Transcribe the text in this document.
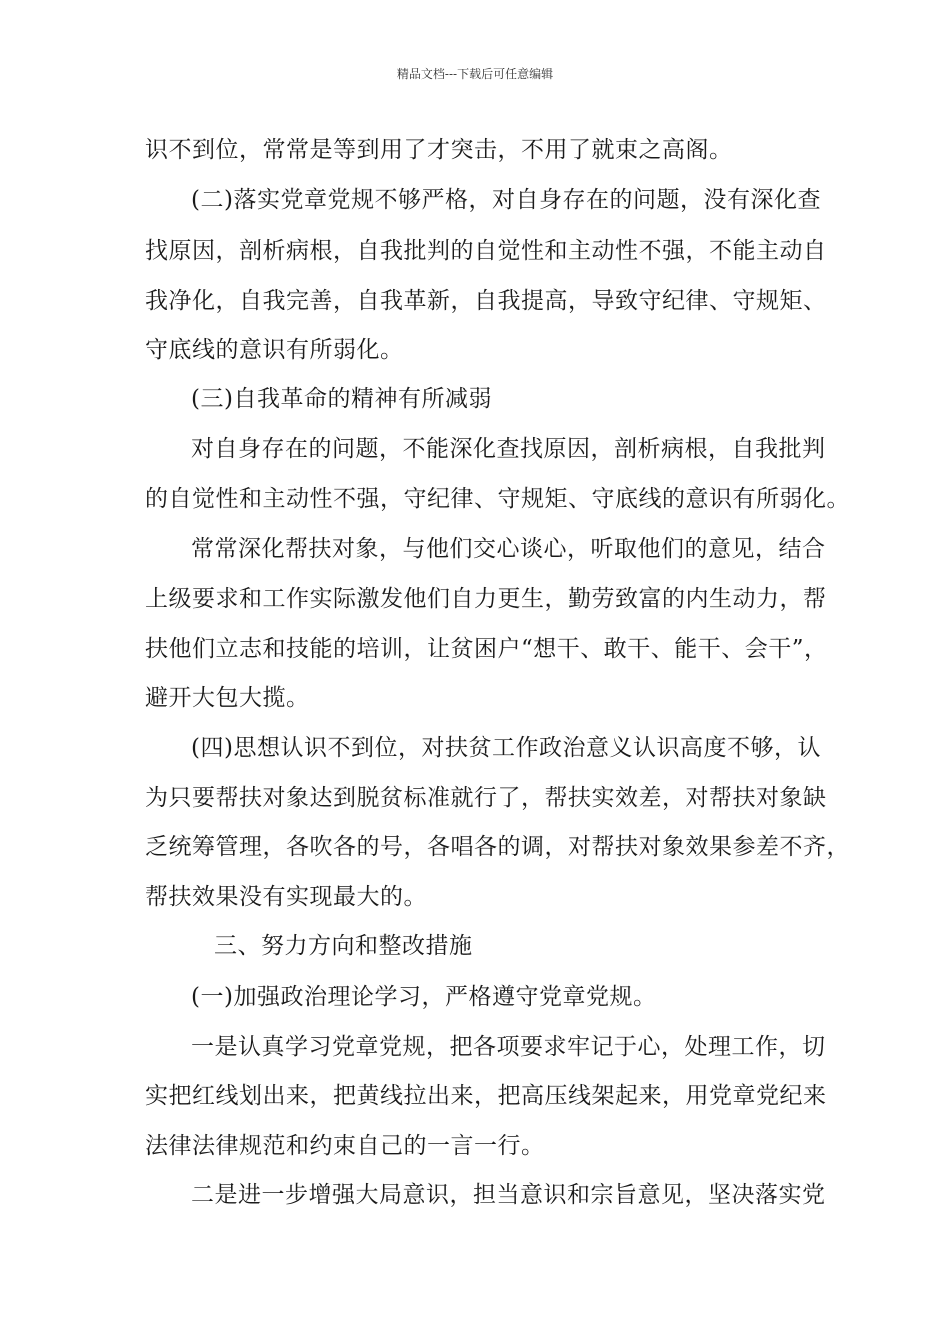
精品文档---下载后可任意编辑
识不到位，常常是等到用了才突击，不用了就束之高阁。
(二)落实党章党规不够严格，对自身存在的问题，没有深化查
找原因，剖析病根，自我批判的自觉性和主动性不强，不能主动自
我净化，自我完善，自我革新，自我提高，导致守纪律、守规矩、
守底线的意识有所弱化。
(三)自我革命的精神有所减弱
对自身存在的问题，不能深化查找原因，剖析病根，自我批判
的自觉性和主动性不强，守纪律、守规矩、守底线的意识有所弱化。
常常深化帮扶对象，与他们交心谈心，听取他们的意见，结合
上级要求和工作实际激发他们自力更生，勤劳致富的内生动力，帮
扶他们立志和技能的培训，让贫困户“想干、敢干、能干、会干”，
避开大包大揽。
(四)思想认识不到位，对扶贫工作政治意义认识高度不够，认
为只要帮扶对象达到脱贫标准就行了，帮扶实效差，对帮扶对象缺
乏统筹管理，各吹各的号，各唱各的调，对帮扶对象效果参差不齐，
帮扶效果没有实现最大的。
三、努力方向和整改措施
(一)加强政治理论学习，严格遵守党章党规。
一是认真学习党章党规，把各项要求牢记于心，处理工作，切
实把红线划出来，把黄线拉出来，把高压线架起来，用党章党纪来
法律法律规范和约束自己的一言一行。
二是进一步增强大局意识，担当意识和宗旨意见，坚决落实党
